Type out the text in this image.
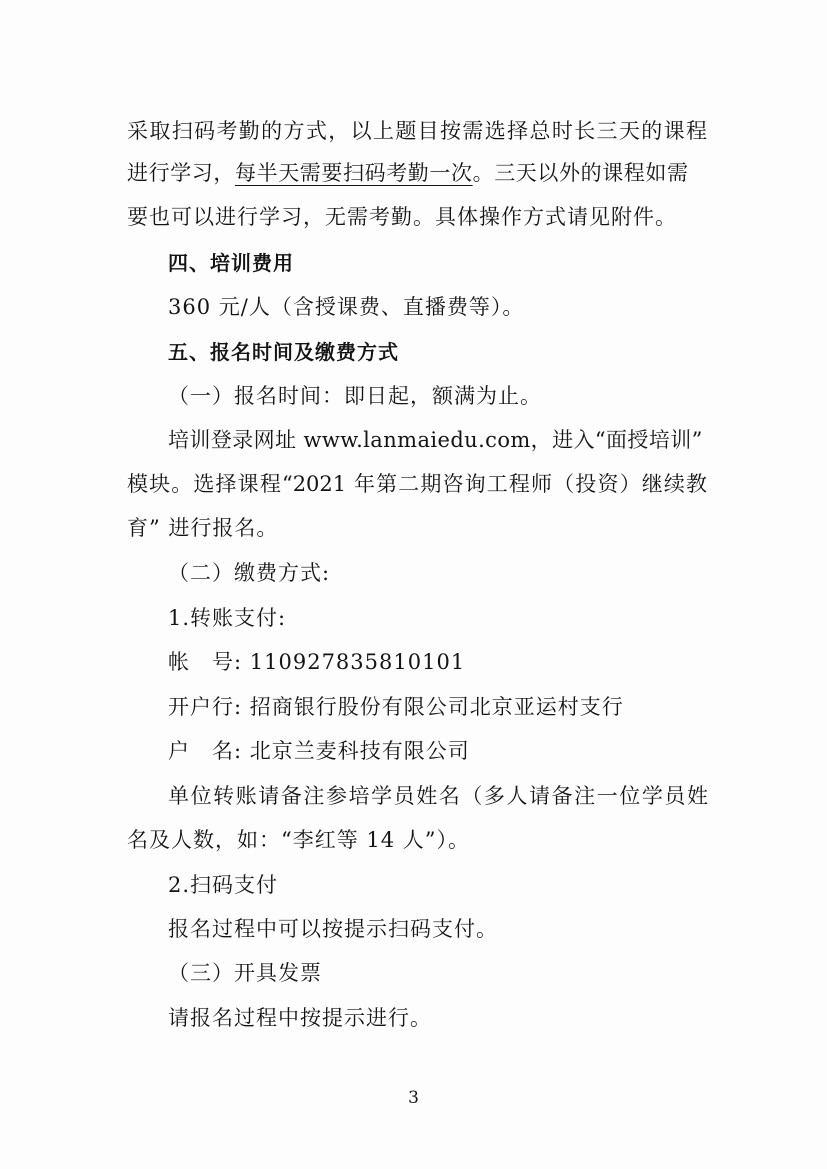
采取扫码考勤的方式，以上题目按需选择总时长三天的课程
进行学习，每半天需要扫码考勤一次。三天以外的课程如需
要也可以进行学习，无需考勤。具体操作方式请见附件。
四、培训费用
360 元/人（含授课费、直播费等）。
五、报名时间及缴费方式
（一）报名时间：即日起，额满为止。
培训登录网址 www.lanmaiedu.com，进入“面授培训”
模块。选择课程“2021 年第二期咨询工程师（投资）继续教
育” 进行报名。
（二）缴费方式:
1.转账支付:
帐　号: 110927835810101
开户行: 招商银行股份有限公司北京亚运村支行
户　名: 北京兰麦科技有限公司
单位转账请备注参培学员姓名（多人请备注一位学员姓
名及人数，如：“李红等 14 人”）。
2.扫码支付
报名过程中可以按提示扫码支付。
（三）开具发票
请报名过程中按提示进行。
3
